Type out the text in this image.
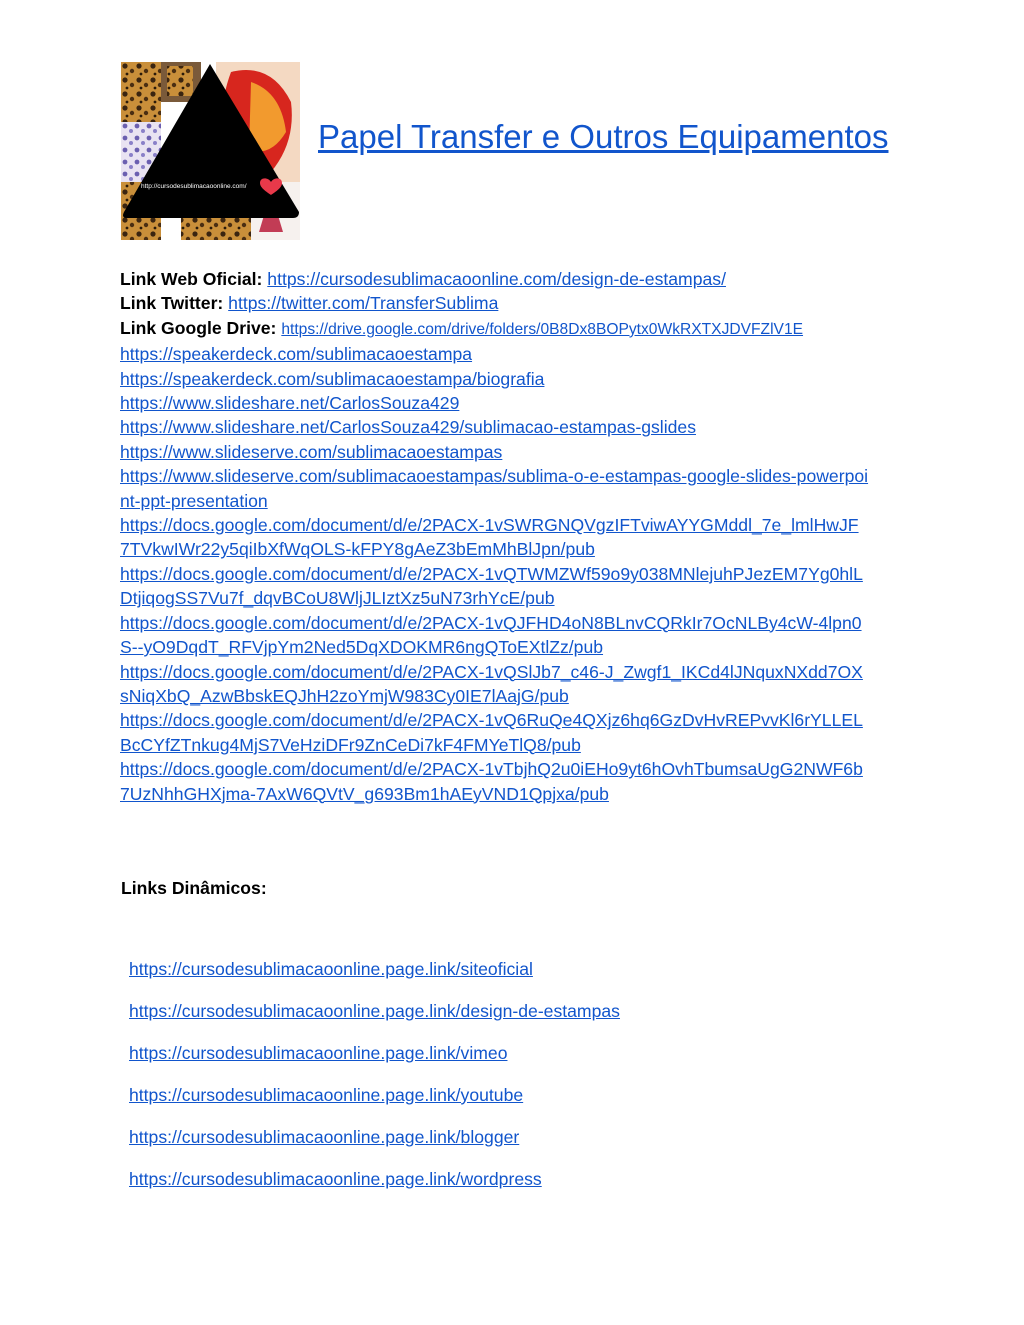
http://cursodesublimacaoonline.com/
Papel Transfer e Outros Equipamentos
Link Web Oficial: https://cursodesublimacaoonline.com/design-de-estampas/
Link Twitter: https://twitter.com/TransferSublima
Link Google Drive: https://drive.google.com/drive/folders/0B8Dx8BOPytx0WkRXTXJDVFZlV1E
https://speakerdeck.com/sublimacaoestampa
https://speakerdeck.com/sublimacaoestampa/biografia
https://www.slideshare.net/CarlosSouza429
https://www.slideshare.net/CarlosSouza429/sublimacao-estampas-gslides
https://www.slideserve.com/sublimacaoestampas
https://www.slideserve.com/sublimacaoestampas/sublima-o-e-estampas-google-slides-powerpoi
nt-ppt-presentation
https://docs.google.com/document/d/e/2PACX-1vSWRGNQVgzIFTviwAYYGMddl_7e_lmlHwJF
7TVkwIWr22y5qiIbXfWqOLS-kFPY8gAeZ3bEmMhBlJpn/pub
https://docs.google.com/document/d/e/2PACX-1vQTWMZWf59o9y038MNlejuhPJezEM7Yg0hlL
DtjiqogSS7Vu7f_dqvBCoU8WljJLIztXz5uN73rhYcE/pub
https://docs.google.com/document/d/e/2PACX-1vQJFHD4oN8BLnvCQRkIr7OcNLBy4cW-4lpn0
S--yO9DqdT_RFVjpYm2Ned5DqXDOKMR6ngQToEXtlZz/pub
https://docs.google.com/document/d/e/2PACX-1vQSlJb7_c46-J_Zwgf1_IKCd4lJNquxNXdd7OX
sNiqXbQ_AzwBbskEQJhH2zoYmjW983Cy0IE7lAajG/pub
https://docs.google.com/document/d/e/2PACX-1vQ6RuQe4QXjz6hq6GzDvHvREPvvKl6rYLLEL
BcCYfZTnkug4MjS7VeHziDFr9ZnCeDi7kF4FMYeTlQ8/pub
https://docs.google.com/document/d/e/2PACX-1vTbjhQ2u0iEHo9yt6hOvhTbumsaUgG2NWF6b
7UzNhhGHXjma-7AxW6QVtV_g693Bm1hAEyVND1Qpjxa/pub
Links Dinâmicos:
https://cursodesublimacaoonline.page.link/siteoficial
https://cursodesublimacaoonline.page.link/design-de-estampas
https://cursodesublimacaoonline.page.link/vimeo
https://cursodesublimacaoonline.page.link/youtube
https://cursodesublimacaoonline.page.link/blogger
https://cursodesublimacaoonline.page.link/wordpress
